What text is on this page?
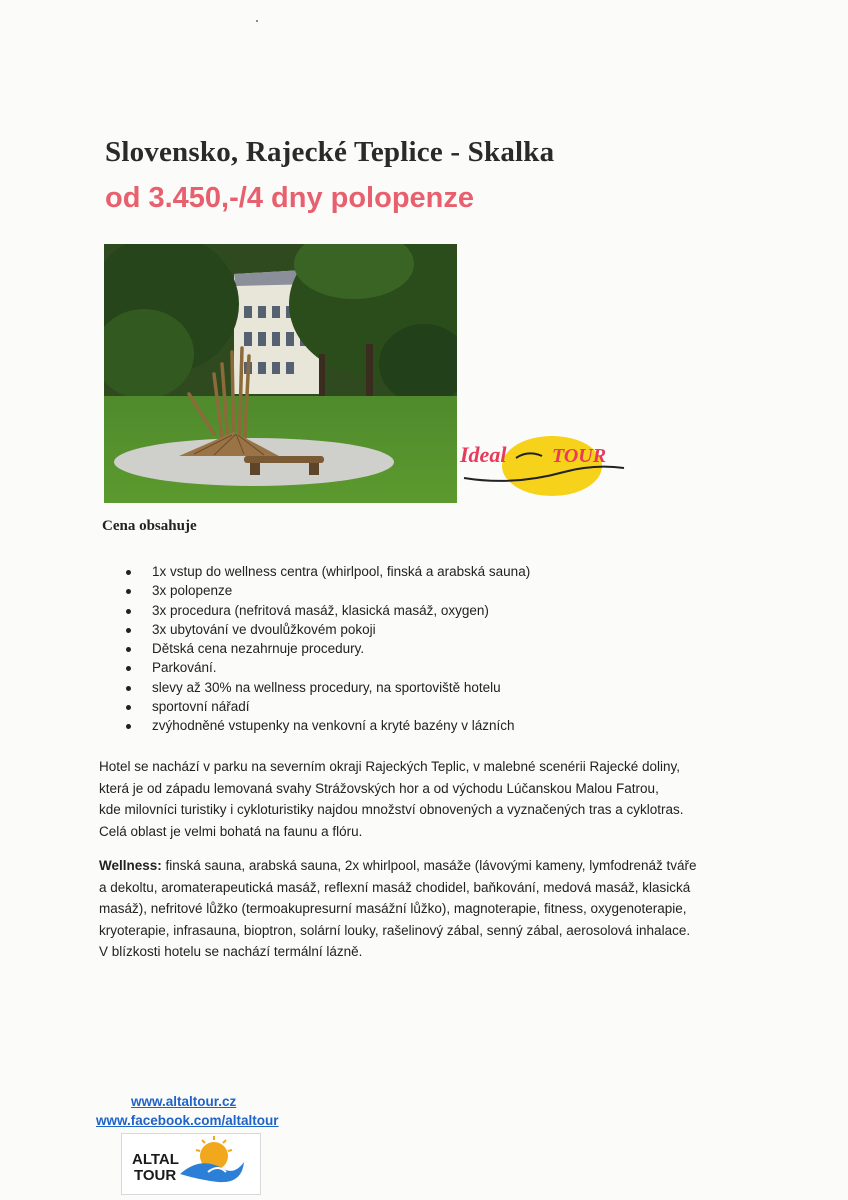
Slovensko, Rajecké Teplice - Skalka
od 3.450,-/4 dny polopenze
Ideal TOUR
Cena obsahuje
1x vstup do wellness centra (whirlpool, finská a arabská sauna)
3x polopenze
3x procedura (nefritová masáž, klasická masáž, oxygen)
3x ubytování ve dvoulůžkovém pokoji
Dětská cena nezahrnuje procedury.
Parkování.
slevy až 30% na wellness procedury, na sportoviště hotelu
sportovní nářadí
zvýhodněné vstupenky na venkovní a kryté bazény v lázních

Hotel se nachází v parku na severním okraji Rajeckých Teplic, v malebné scenérii Rajecké doliny,
která je od západu lemovaná svahy Strážovských hor a od východu Lúčanskou Malou Fatrou,
kde milovníci turistiky i cykloturistiky najdou množství obnovených a vyznačených tras a cyklotras.
Celá oblast je velmi bohatá na faunu a flóru.

Wellness: finská sauna, arabská sauna, 2x whirlpool, masáže (lávovými kameny, lymfodrenáž tváře
a dekoltu, aromaterapeutická masáž, reflexní masáž chodidel, baňkování, medová masáž, klasická
masáž), nefritové lůžko (termoakupresurní masážní lůžko), magnoterapie, fitness, oxygenoterapie,
kryoterapie, infrasauna, bioptron, solární louky, rašelinový zábal, senný zábal, aerosolová inhalace.
V blízkosti hotelu se nachází termální lázně.

www.altaltour.cz
www.facebook.com/altaltour
ALTAL
TOUR
